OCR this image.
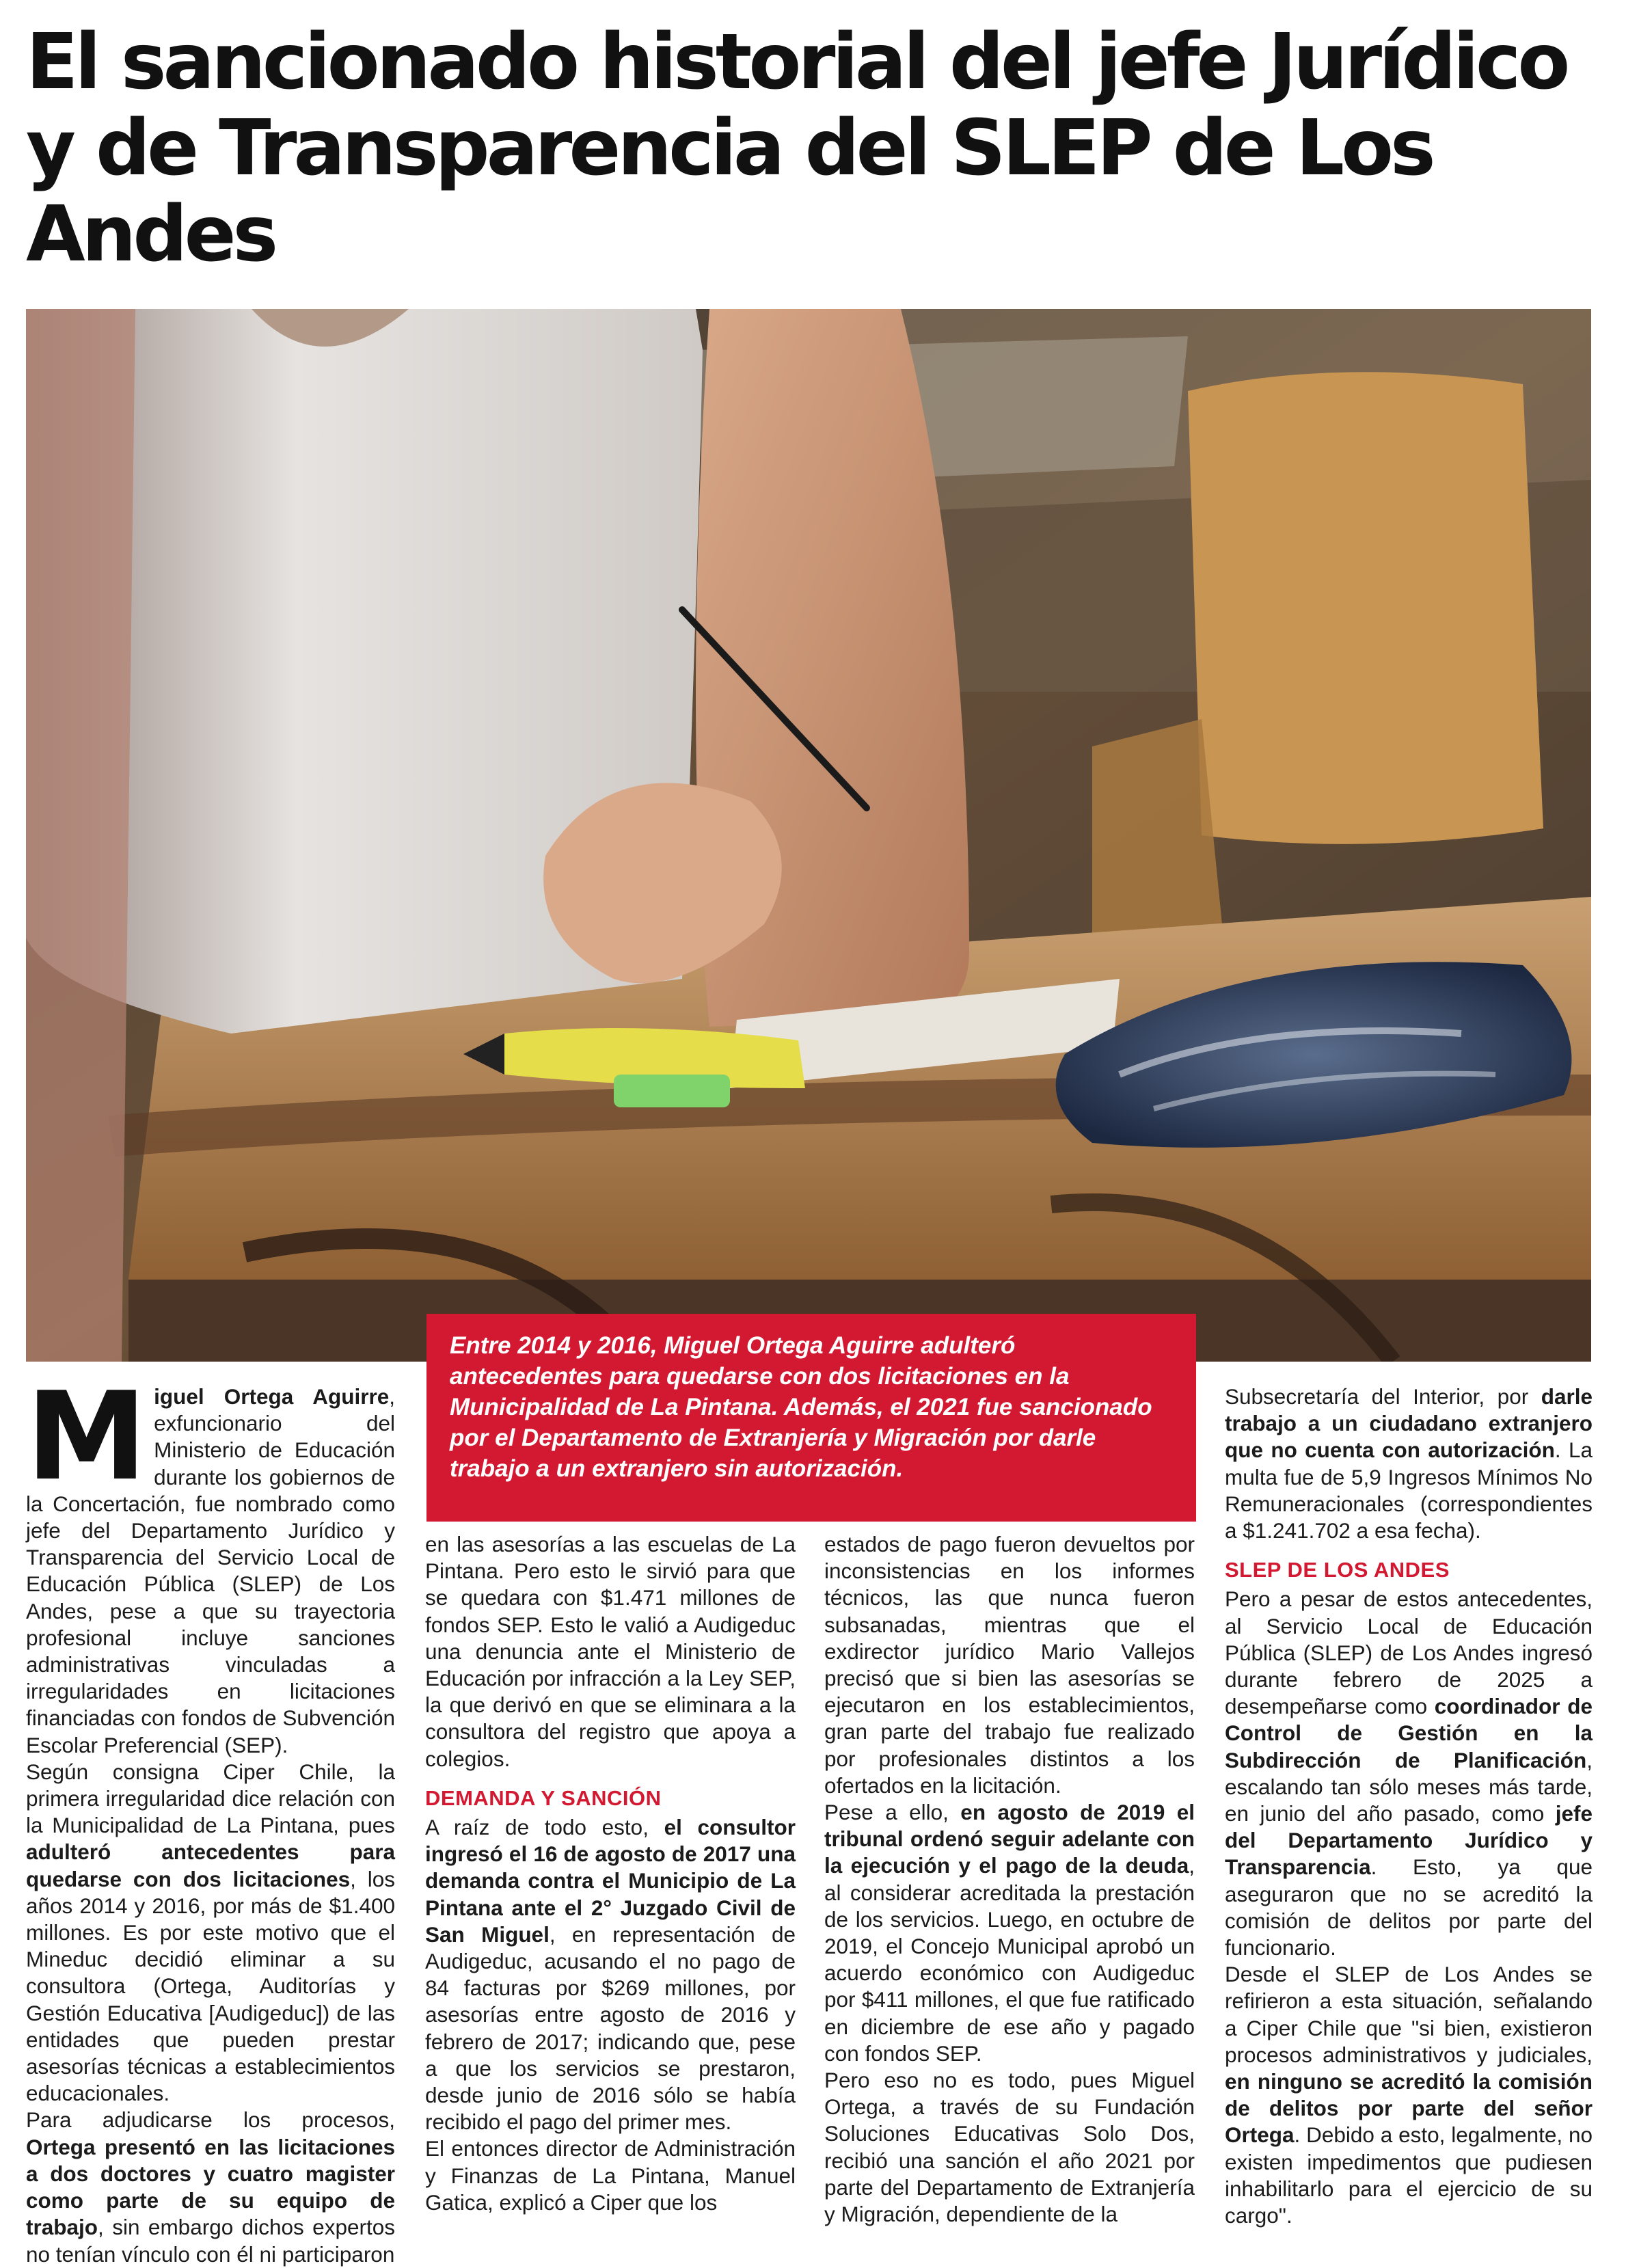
El sancionado historial del jefe Jurídico y de Transparencia del SLEP de Los Andes
Entre 2014 y 2016, Miguel Ortega Aguirre adulteró antecedentes para quedarse con dos licitaciones en la Municipalidad de La Pintana. Además, el 2021 fue sancionado por el Departamento de Extranjería y Migración por darle trabajo a un extranjero sin autorización.

Miguel Ortega Aguirre, exfuncionario del Ministerio de Educación durante los gobiernos de la Concertación, fue nombrado como jefe del Departamento Jurídico y Transparencia del Servicio Local de Educación Pública (SLEP) de Los Andes, pese a que su trayectoria profesional incluye sanciones administrativas vinculadas a irregularidades en licitaciones financiadas con fondos de Subvención Escolar Preferencial (SEP).

Según consigna Ciper Chile, la primera irregularidad dice relación con la Municipalidad de La Pintana, pues adulteró antecedentes para quedarse con dos licitaciones, los años 2014 y 2016, por más de $1.400 millones. Es por este motivo que el Mineduc decidió eliminar a su consultora (Ortega, Auditorías y Gestión Educativa [Audigeduc]) de las entidades que pueden prestar asesorías técnicas a establecimientos educacionales.

Para adjudicarse los procesos, Ortega presentó en las licitaciones a dos doctores y cuatro magister como parte de su equipo de trabajo, sin embargo dichos expertos no tenían vínculo con él ni participaron

en las asesorías a las escuelas de La Pintana. Pero esto le sirvió para que se quedara con $1.471 millones de fondos SEP. Esto le valió a Audigeduc una denuncia ante el Ministerio de Educación por infracción a la Ley SEP, la que derivó en que se eliminara a la consultora del registro que apoya a colegios.

DEMANDA Y SANCIÓN

A raíz de todo esto, el consultor ingresó el 16 de agosto de 2017 una demanda contra el Municipio de La Pintana ante el 2° Juzgado Civil de San Miguel, en representación de Audigeduc, acusando el no pago de 84 facturas por $269 millones, por asesorías entre agosto de 2016 y febrero de 2017; indicando que, pese a que los servicios se prestaron, desde junio de 2016 sólo se había recibido el pago del primer mes.

El entonces director de Administración y Finanzas de La Pintana, Manuel Gatica, explicó a Ciper que los

estados de pago fueron devueltos por inconsistencias en los informes técnicos, las que nunca fueron subsanadas, mientras que el exdirector jurídico Mario Vallejos precisó que si bien las asesorías se ejecutaron en los establecimientos, gran parte del trabajo fue realizado por profesionales distintos a los ofertados en la licitación.

Pese a ello, en agosto de 2019 el tribunal ordenó seguir adelante con la ejecución y el pago de la deuda, al considerar acreditada la prestación de los servicios. Luego, en octubre de 2019, el Concejo Municipal aprobó un acuerdo económico con Audigeduc por $411 millones, el que fue ratificado en diciembre de ese año y pagado con fondos SEP.

Pero eso no es todo, pues Miguel Ortega, a través de su Fundación Soluciones Educativas Solo Dos, recibió una sanción el año 2021 por parte del Departamento de Extranjería y Migración, dependiente de la

Subsecretaría del Interior, por darle trabajo a un ciudadano extranjero que no cuenta con autorización. La multa fue de 5,9 Ingresos Mínimos No Remuneracionales (correspondientes a $1.241.702 a esa fecha).

SLEP DE LOS ANDES

Pero a pesar de estos antecedentes, al Servicio Local de Educación Pública (SLEP) de Los Andes ingresó durante febrero de 2025 a desempeñarse como coordinador de Control de Gestión en la Subdirección de Planificación, escalando tan sólo meses más tarde, en junio del año pasado, como jefe del Departamento Jurídico y Transparencia. Esto, ya que aseguraron que no se acreditó la comisión de delitos por parte del funcionario.

Desde el SLEP de Los Andes se refirieron a esta situación, señalando a Ciper Chile que "si bien, existieron procesos administrativos y judiciales, en ninguno se acreditó la comisión de delitos por parte del señor Ortega. Debido a esto, legalmente, no existen impedimentos que pudiesen inhabilitarlo para el ejercicio de su cargo".
